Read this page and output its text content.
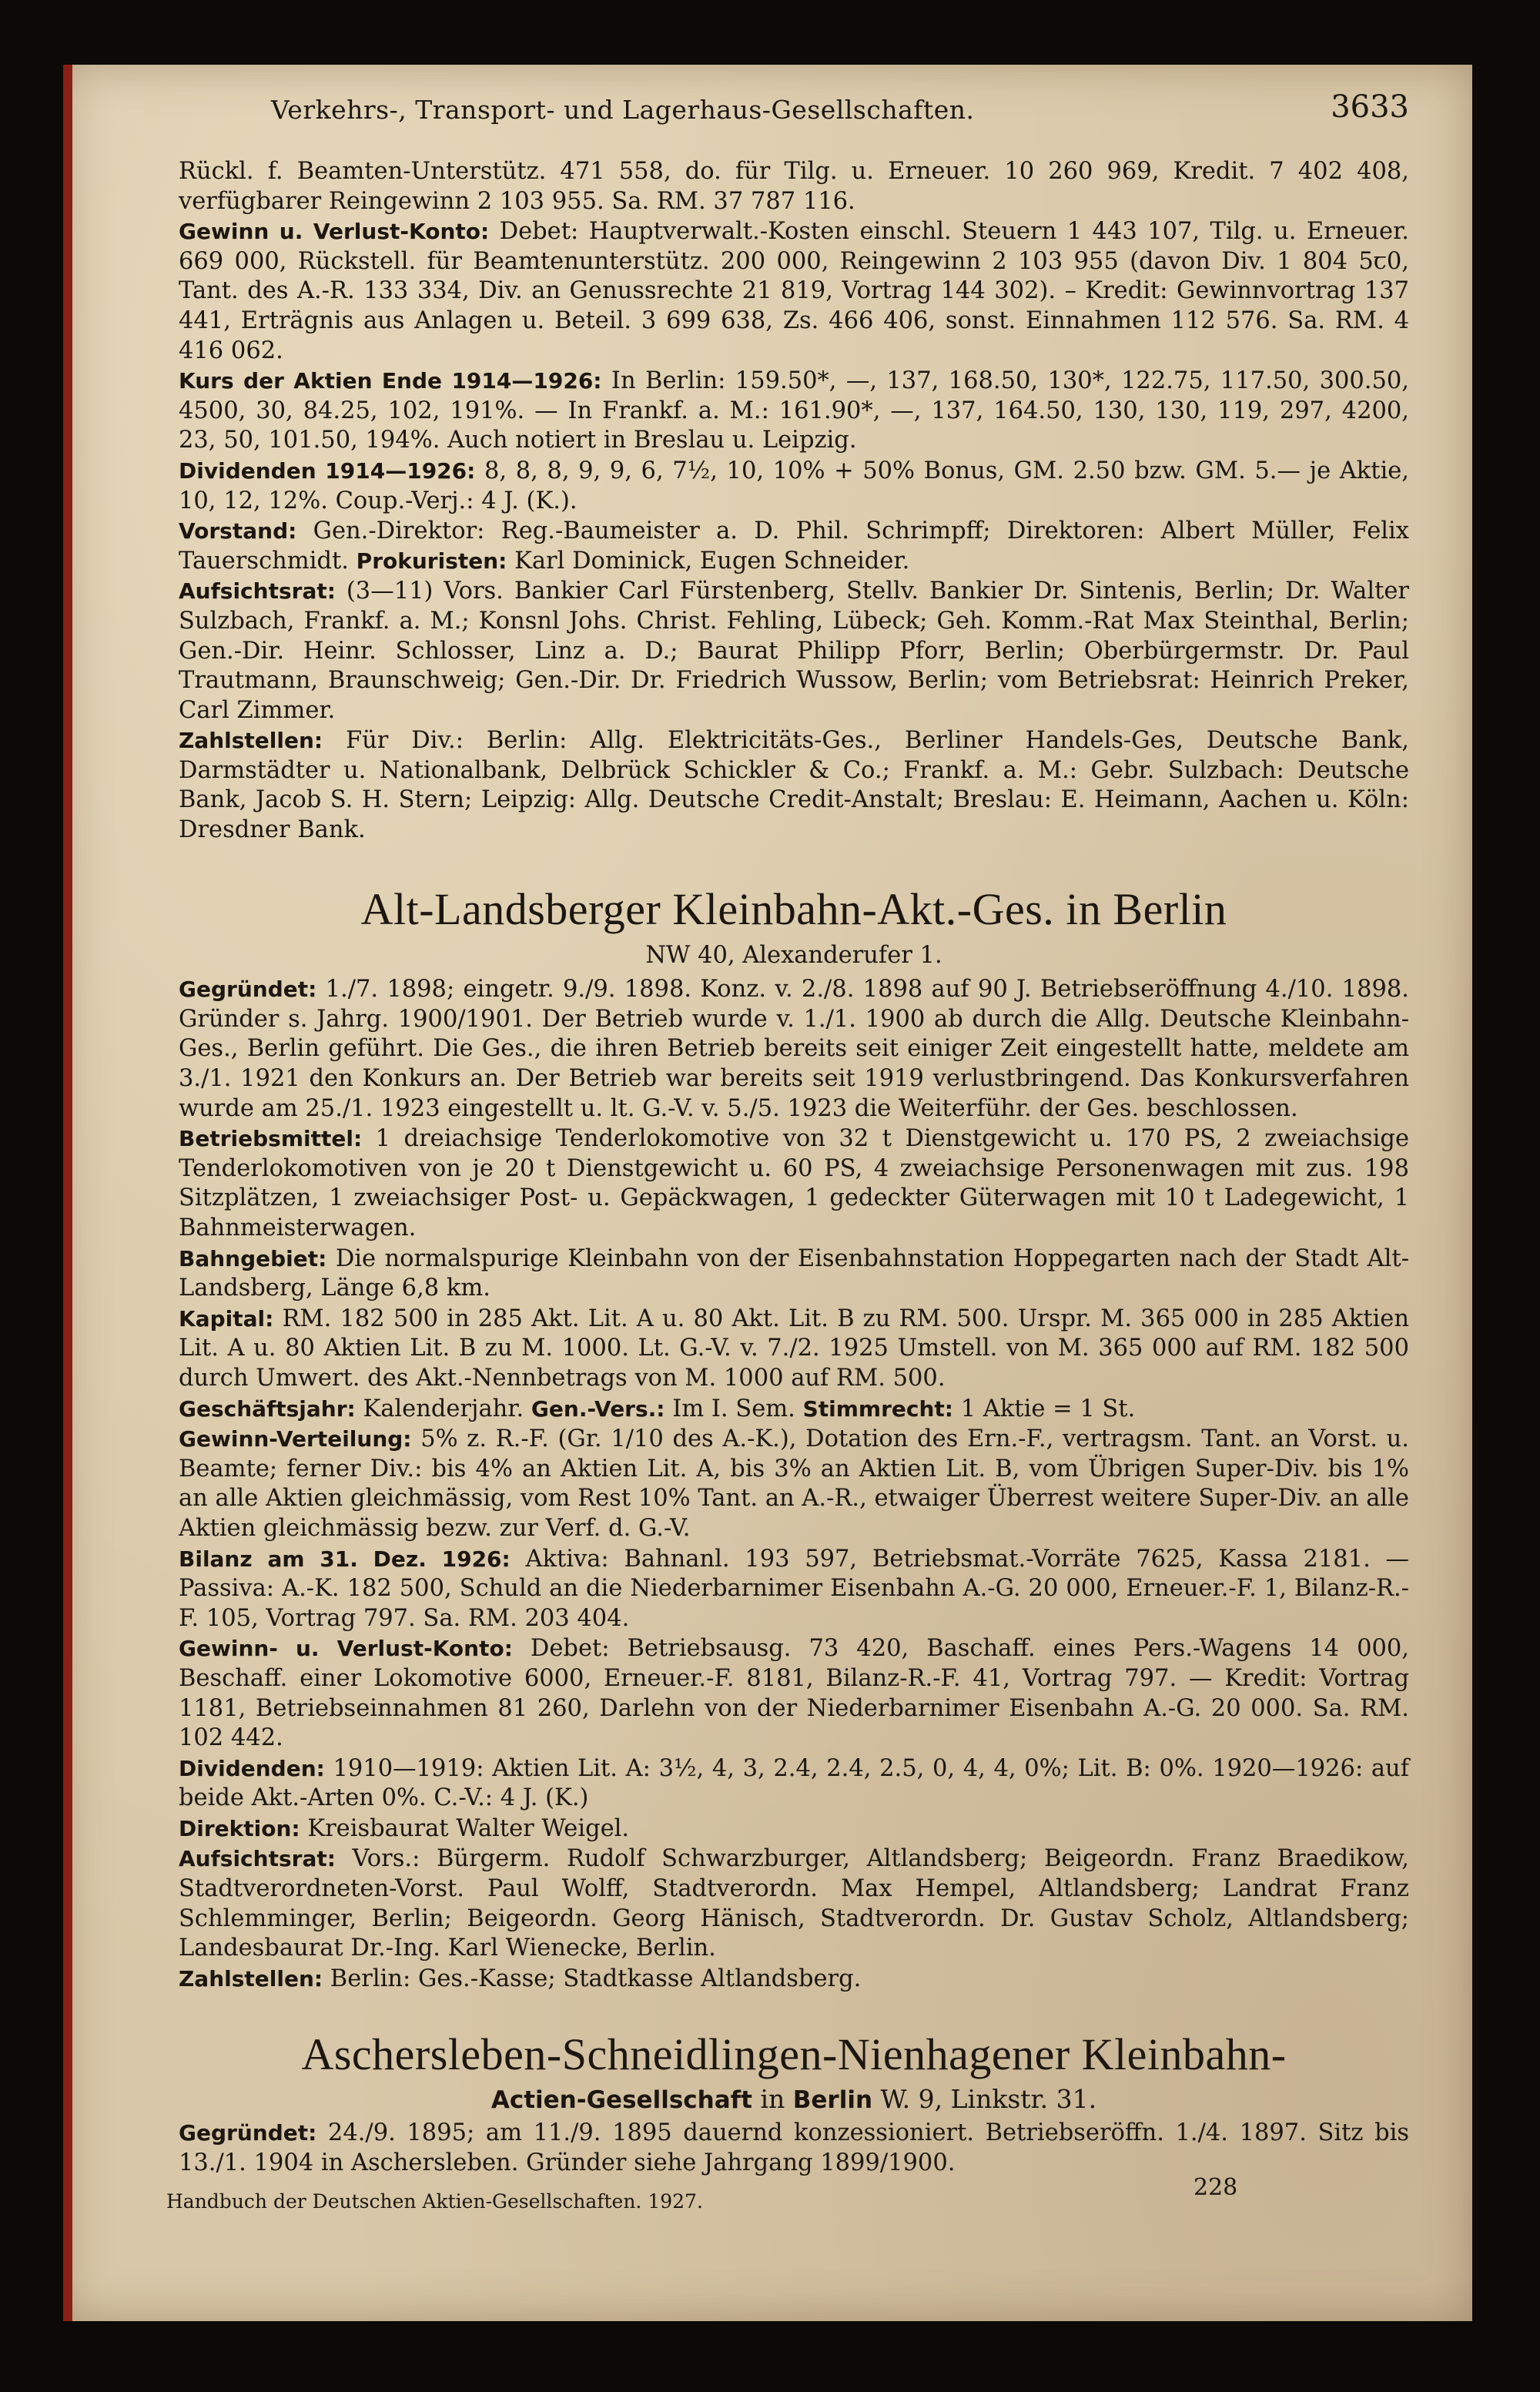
Verkehrs-, Transport- und Lagerhaus-Gesellschaften.	3633

Rückl. f. Beamten-Unterstütz. 471 558, do. für Tilg. u. Erneuer. 10 260 969, Kredit. 7 402 408, verfügbarer Reingewinn 2 103 955. Sa. RM. 37 787 116.

Gewinn u. Verlust-Konto: Debet: Hauptverwalt.-Kosten einschl. Steuern 1 443 107, Tilg. u. Erneuer. 669 000, Rückstell. für Beamtenunterstütz. 200 000, Reingewinn 2 103 955 (davon Div. 1 804 5ꞇ0, Tant. des A.-R. 133 334, Div. an Genussrechte 21 819, Vortrag 144 302). – Kredit: Gewinnvortrag 137 441, Erträgnis aus Anlagen u. Beteil. 3 699 638, Zs. 466 406, sonst. Einnahmen 112 576. Sa. RM. 4 416 062.

Kurs der Aktien Ende 1914—1926: In Berlin: 159.50*, —, 137, 168.50, 130*, 122.75, 117.50, 300.50, 4500, 30, 84.25, 102, 191%. — In Frankf. a. M.: 161.90*, —, 137, 164.50, 130, 130, 119, 297, 4200, 23, 50, 101.50, 194%. Auch notiert in Breslau u. Leipzig.

Dividenden 1914—1926: 8, 8, 8, 9, 9, 6, 7½, 10, 10% + 50% Bonus, GM. 2.50 bzw. GM. 5.— je Aktie, 10, 12, 12%. Coup.-Verj.: 4 J. (K.).

Vorstand: Gen.-Direktor: Reg.-Baumeister a. D. Phil. Schrimpff; Direktoren: Albert Müller, Felix Tauerschmidt. Prokuristen: Karl Dominick, Eugen Schneider.

Aufsichtsrat: (3—11) Vors. Bankier Carl Fürstenberg, Stellv. Bankier Dr. Sintenis, Berlin; Dr. Walter Sulzbach, Frankf. a. M.; Konsnl Johs. Christ. Fehling, Lübeck; Geh. Komm.-Rat Max Steinthal, Berlin; Gen.-Dir. Heinr. Schlosser, Linz a. D.; Baurat Philipp Pforr, Berlin; Oberbürgermstr. Dr. Paul Trautmann, Braunschweig; Gen.-Dir. Dr. Friedrich Wussow, Berlin; vom Betriebsrat: Heinrich Preker, Carl Zimmer.

Zahlstellen: Für Div.: Berlin: Allg. Elektricitäts-Ges., Berliner Handels-Ges, Deutsche Bank, Darmstädter u. Nationalbank, Delbrück Schickler & Co.; Frankf. a. M.: Gebr. Sulzbach: Deutsche Bank, Jacob S. H. Stern; Leipzig: Allg. Deutsche Credit-Anstalt; Breslau: E. Heimann, Aachen u. Köln: Dresdner Bank.

Alt-Landsberger Kleinbahn-Akt.-Ges. in Berlin
NW 40, Alexanderufer 1.

Gegründet: 1./7. 1898; eingetr. 9./9. 1898. Konz. v. 2./8. 1898 auf 90 J. Betriebseröffnung 4./10. 1898. Gründer s. Jahrg. 1900/1901. Der Betrieb wurde v. 1./1. 1900 ab durch die Allg. Deutsche Kleinbahn-Ges., Berlin geführt. Die Ges., die ihren Betrieb bereits seit einiger Zeit eingestellt hatte, meldete am 3./1. 1921 den Konkurs an. Der Betrieb war bereits seit 1919 verlustbringend. Das Konkursverfahren wurde am 25./1. 1923 eingestellt u. lt. G.-V. v. 5./5. 1923 die Weiterführ. der Ges. beschlossen.

Betriebsmittel: 1 dreiachsige Tenderlokomotive von 32 t Dienstgewicht u. 170 PS, 2 zweiachsige Tenderlokomotiven von je 20 t Dienstgewicht u. 60 PS, 4 zweiachsige Personenwagen mit zus. 198 Sitzplätzen, 1 zweiachsiger Post- u. Gepäckwagen, 1 gedeckter Güterwagen mit 10 t Ladegewicht, 1 Bahnmeisterwagen.

Bahngebiet: Die normalspurige Kleinbahn von der Eisenbahnstation Hoppegarten nach der Stadt Alt-Landsberg, Länge 6,8 km.

Kapital: RM. 182 500 in 285 Akt. Lit. A u. 80 Akt. Lit. B zu RM. 500. Urspr. M. 365 000 in 285 Aktien Lit. A u. 80 Aktien Lit. B zu M. 1000. Lt. G.-V. v. 7./2. 1925 Umstell. von M. 365 000 auf RM. 182 500 durch Umwert. des Akt.-Nennbetrags von M. 1000 auf RM. 500.

Geschäftsjahr: Kalenderjahr. Gen.-Vers.: Im I. Sem. Stimmrecht: 1 Aktie = 1 St.

Gewinn-Verteilung: 5% z. R.-F. (Gr. 1/10 des A.-K.), Dotation des Ern.-F., vertragsm. Tant. an Vorst. u. Beamte; ferner Div.: bis 4% an Aktien Lit. A, bis 3% an Aktien Lit. B, vom Übrigen Super-Div. bis 1% an alle Aktien gleichmässig, vom Rest 10% Tant. an A.-R., etwaiger Überrest weitere Super-Div. an alle Aktien gleichmässig bezw. zur Verf. d. G.-V.

Bilanz am 31. Dez. 1926: Aktiva: Bahnanl. 193 597, Betriebsmat.-Vorräte 7625, Kassa 2181. — Passiva: A.-K. 182 500, Schuld an die Niederbarnimer Eisenbahn A.-G. 20 000, Erneuer.-F. 1, Bilanz-R.-F. 105, Vortrag 797. Sa. RM. 203 404.

Gewinn- u. Verlust-Konto: Debet: Betriebsausg. 73 420, Baschaff. eines Pers.-Wagens 14 000, Beschaff. einer Lokomotive 6000, Erneuer.-F. 8181, Bilanz-R.-F. 41, Vortrag 797. — Kredit: Vortrag 1181, Betriebseinnahmen 81 260, Darlehn von der Niederbarnimer Eisenbahn A.-G. 20 000. Sa. RM. 102 442.

Dividenden: 1910—1919: Aktien Lit. A: 3½, 4, 3, 2.4, 2.4, 2.5, 0, 4, 4, 0%; Lit. B: 0%. 1920—1926: auf beide Akt.-Arten 0%. C.-V.: 4 J. (K.)

Direktion: Kreisbaurat Walter Weigel.

Aufsichtsrat: Vors.: Bürgerm. Rudolf Schwarzburger, Altlandsberg; Beigeordn. Franz Braedikow, Stadtverordneten-Vorst. Paul Wolff, Stadtverordn. Max Hempel, Altlandsberg; Landrat Franz Schlemminger, Berlin; Beigeordn. Georg Hänisch, Stadtverordn. Dr. Gustav Scholz, Altlandsberg; Landesbaurat Dr.-Ing. Karl Wienecke, Berlin.

Zahlstellen: Berlin: Ges.-Kasse; Stadtkasse Altlandsberg.

Aschersleben-Schneidlingen-Nienhagener Kleinbahn-
Actien-Gesellschaft in Berlin W. 9, Linkstr. 31.

Gegründet: 24./9. 1895; am 11./9. 1895 dauernd konzessioniert. Betriebseröffn. 1./4. 1897. Sitz bis 13./1. 1904 in Aschersleben. Gründer siehe Jahrgang 1899/1900.

Handbuch der Deutschen Aktien-Gesellschaften. 1927.
228
